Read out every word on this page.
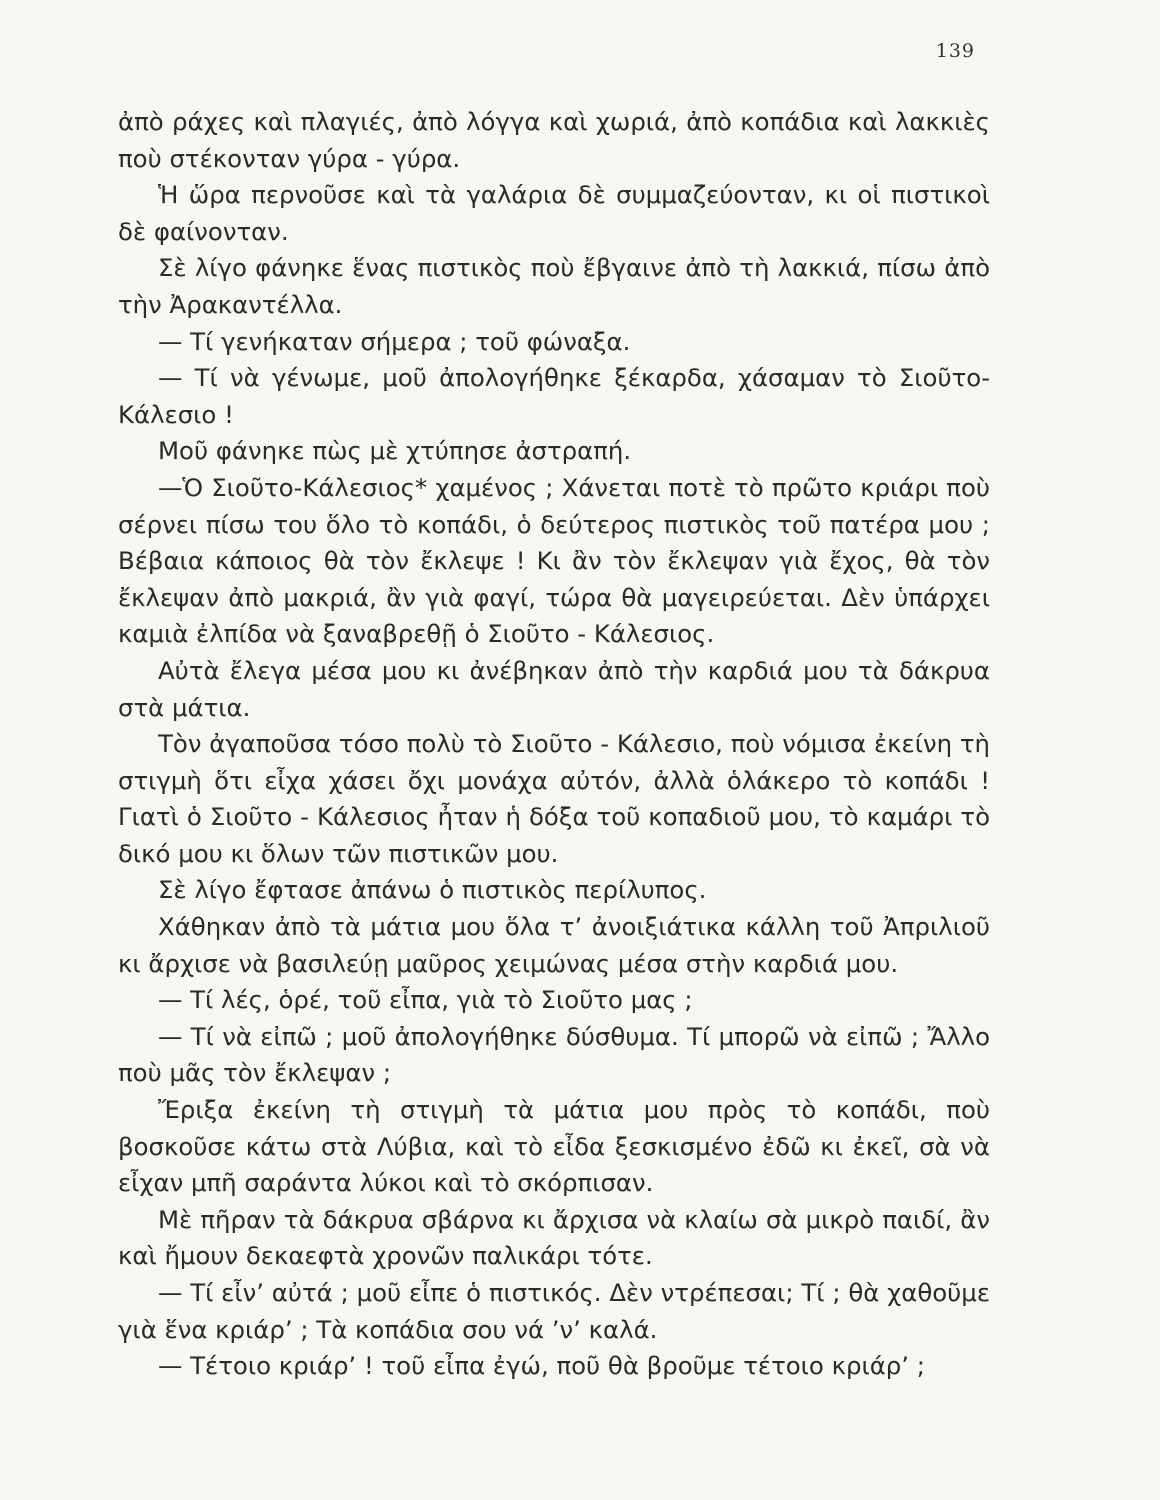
139

ἀπὸ ράχες καὶ πλαγιές, ἀπὸ λόγγα καὶ χωριά, ἀπὸ κοπάδια καὶ λακκιὲς ποὺ στέκονταν γύρα - γύρα.

Ἡ ὥρα περνοῦσε καὶ τὰ γαλάρια δὲ συμμαζεύονταν, κι οἱ πιστικοὶ δὲ φαίνονταν.

Σὲ λίγο φάνηκε ἕνας πιστικὸς ποὺ ἔβγαινε ἀπὸ τὴ λακκιά, πίσω ἀπὸ τὴν Ἀρακαντέλλα.

— Τί γενήκαταν σήμερα ; τοῦ φώναξα.

— Τί νὰ γένωμε, μοῦ ἀπολογήθηκε ξέκαρδα, χάσαμαν τὸ Σιοῦτο-Κάλεσιο !

Μοῦ φάνηκε πὼς μὲ χτύπησε ἀστραπή.

—Ὁ Σιοῦτο-Κάλεσιος* χαμένος ; Χάνεται ποτὲ τὸ πρῶτο κριάρι ποὺ σέρνει πίσω του ὅλο τὸ κοπάδι, ὁ δεύτερος πιστικὸς τοῦ πατέρα μου ; Βέβαια κάποιος θὰ τὸν ἔκλεψε ! Κι ἂν τὸν ἔκλεψαν γιὰ ἔχος, θὰ τὸν ἔκλεψαν ἀπὸ μακριά, ἂν γιὰ φαγί, τώρα θὰ μαγειρεύεται. Δὲν ὑπάρχει καμιὰ ἐλπίδα νὰ ξαναβρεθῇ ὁ Σιοῦτο - Κάλεσιος.

Αὐτὰ ἔλεγα μέσα μου κι ἀνέβηκαν ἀπὸ τὴν καρδιά μου τὰ δάκρυα στὰ μάτια.

Τὸν ἀγαποῦσα τόσο πολὺ τὸ Σιοῦτο - Κάλεσιο, ποὺ νόμισα ἐκείνη τὴ στιγμὴ ὅτι εἶχα χάσει ὄχι μονάχα αὐτόν, ἀλλὰ ὁλάκερο τὸ κοπάδι ! Γιατὶ ὁ Σιοῦτο - Κάλεσιος ἦταν ἡ δόξα τοῦ κοπαδιοῦ μου, τὸ καμάρι τὸ δικό μου κι ὅλων τῶν πιστικῶν μου.

Σὲ λίγο ἔφτασε ἀπάνω ὁ πιστικὸς περίλυπος.

Χάθηκαν ἀπὸ τὰ μάτια μου ὅλα τ’ ἀνοιξιάτικα κάλλη τοῦ Ἀπριλιοῦ κι ἄρχισε νὰ βασιλεύῃ μαῦρος χειμώνας μέσα στὴν καρδιά μου.

— Τί λές, ὁρέ, τοῦ εἶπα, γιὰ τὸ Σιοῦτο μας ;

— Τί νὰ εἰπῶ ; μοῦ ἀπολογήθηκε δύσθυμα. Τί μπορῶ νὰ εἰπῶ ; Ἄλλο ποὺ μᾶς τὸν ἔκλεψαν ;

Ἔριξα ἐκείνη τὴ στιγμὴ τὰ μάτια μου πρὸς τὸ κοπάδι, ποὺ βοσκοῦσε κάτω στὰ Λύβια, καὶ τὸ εἶδα ξεσκισμένο ἐδῶ κι ἐκεῖ, σὰ νὰ εἶχαν μπῆ σαράντα λύκοι καὶ τὸ σκόρπισαν.

Μὲ πῆραν τὰ δάκρυα σβάρνα κι ἄρχισα νὰ κλαίω σὰ μικρὸ παιδί, ἂν καὶ ἤμουν δεκαεφτὰ χρονῶν παλικάρι τότε.

— Τί εἶν’ αὐτά ; μοῦ εἶπε ὁ πιστικός. Δὲν ντρέπεσαι; Τί ; θὰ χαθοῦμε γιὰ ἕνα κριάρ’ ; Τὰ κοπάδια σου νά ’ν’ καλά.

— Τέτοιο κριάρ’ ! τοῦ εἶπα ἐγώ, ποῦ θὰ βροῦμε τέτοιο κριάρ’ ;
